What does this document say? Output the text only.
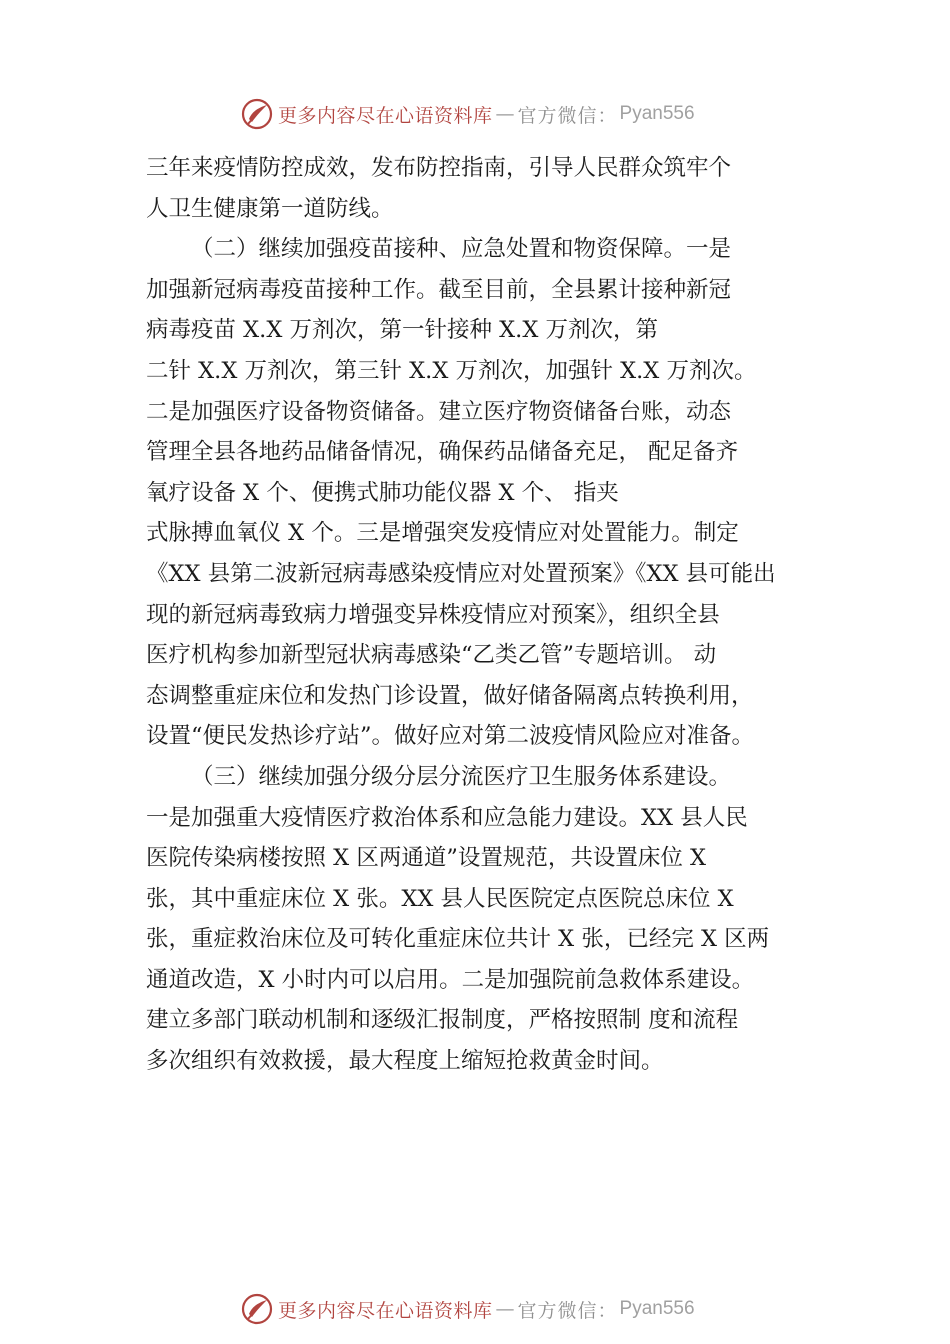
更多内容尽在心语资料库 — 官方微信： Pyan556
三年来疫情防控成效，发布防控指南，引导人民群众筑牢个
人卫生健康第一道防线。
（二）继续加强疫苗接种、应急处置和物资保障。一是
加强新冠病毒疫苗接种工作。截至目前，全县累计接种新冠
病毒疫苗 X.X 万剂次，第一针接种 X.X 万剂次，第
二针 X.X 万剂次，第三针 X.X 万剂次，加强针 X.X 万剂次。
二是加强医疗设备物资储备。建立医疗物资储备台账，动态
管理全县各地药品储备情况，确保药品储备充足， 配足备齐
氧疗设备 X 个、便携式肺功能仪器 X 个、 指夹
式脉搏血氧仪 X 个。三是增强突发疫情应对处置能力。制定
《XX 县第二波新冠病毒感染疫情应对处置预案》《XX 县可能出
现的新冠病毒致病力增强变异株疫情应对预案》，组织全县
医疗机构参加新型冠状病毒感染“乙类乙管”专题培训。 动
态调整重症床位和发热门诊设置，做好储备隔离点转换利用，
设置“便民发热诊疗站”。做好应对第二波疫情风险应对准备。
（三）继续加强分级分层分流医疗卫生服务体系建设。
一是加强重大疫情医疗救治体系和应急能力建设。XX 县人民
医院传染病楼按照 X 区两通道”设置规范，共设置床位 X
张，其中重症床位 X 张。XX 县人民医院定点医院总床位 X
张，重症救治床位及可转化重症床位共计 X 张，已经完 X 区两
通道改造，X 小时内可以启用。二是加强院前急救体系建设。
建立多部门联动机制和逐级汇报制度，严格按照制 度和流程
多次组织有效救援，最大程度上缩短抢救黄金时间。
更多内容尽在心语资料库 — 官方微信： Pyan556
